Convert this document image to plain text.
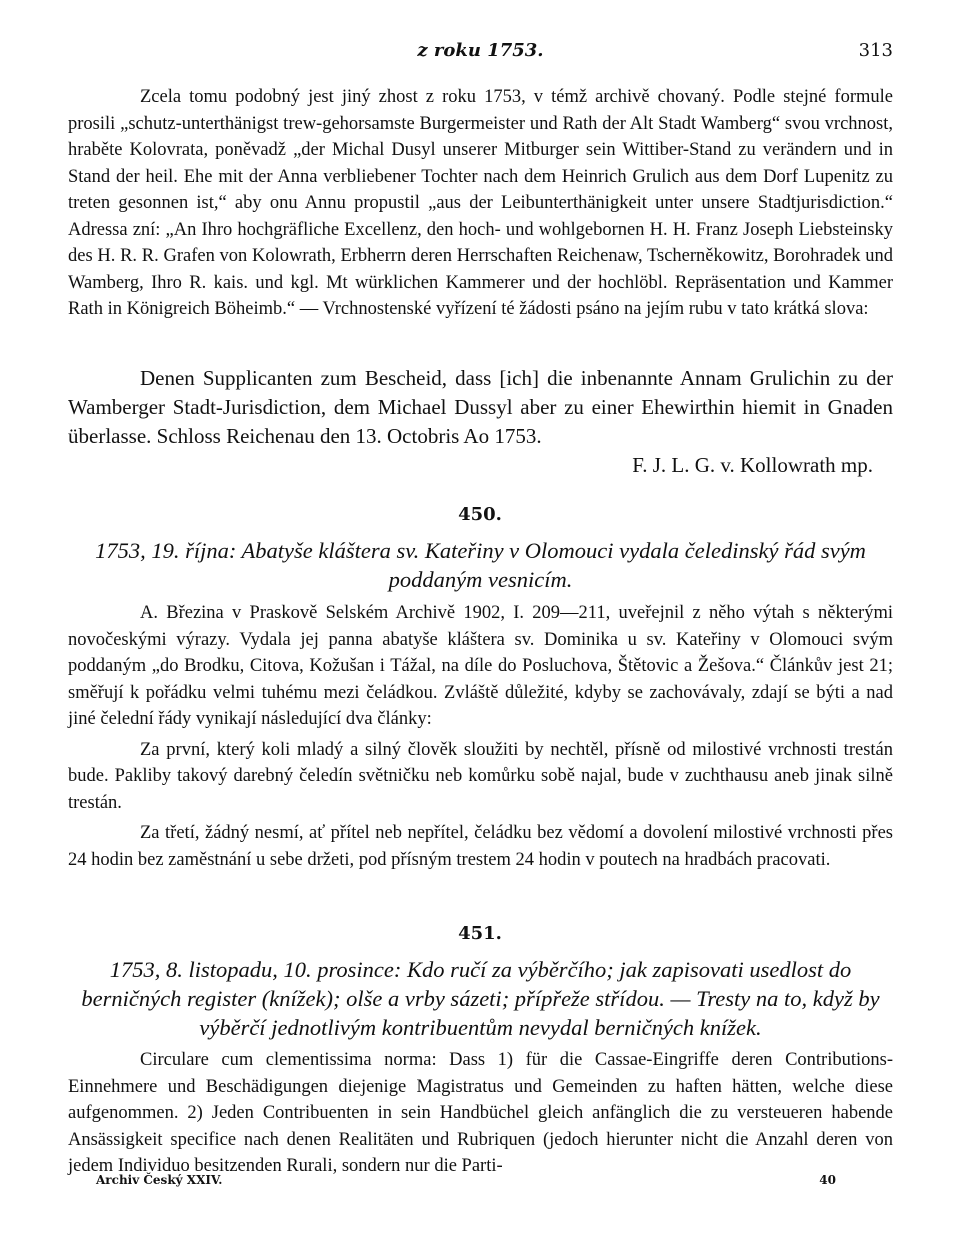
z roku 1753.	313

Zcela tomu podobný jest jiný zhost z roku 1753, v témž archivě chovaný. Podle stejné formule prosili „schutz-unterthänigst trew-gehorsamste Burgermeister und Rath der Alt Stadt Wamberg“ svou vrchnost, hraběte Kolovrata, poněvadž „der Michal Dusyl unserer Mitburger sein Wittiber-Stand zu verändern und in Stand der heil. Ehe mit der Anna verbliebener Tochter nach dem Heinrich Grulich aus dem Dorf Lupenitz zu treten gesonnen ist,“ aby onu Annu propustil „aus der Leibunterthänigkeit unter unsere Stadtjurisdiction.“ Adressa zní: „An Ihro hochgräfliche Excellenz, den hoch- und wohlgebornen H. H. Franz Joseph Liebsteinsky des H. R. R. Grafen von Kolowrath, Erbherrn deren Herrschaften Reichenaw, Tscherněkowitz, Borohradek und Wamberg, Ihro R. kais. und kgl. Mt würklichen Kammerer und der hochlöbl. Repräsentation und Kammer Rath in Königreich Böheimb.“ — Vrchnostenské vyřízení té žádosti psáno na jejím rubu v tato krátká slova:

Denen Supplicanten zum Bescheid, dass [ich] die inbenannte Annam Grulichin zu der Wamberger Stadt-Jurisdiction, dem Michael Dussyl aber zu einer Ehewirthin hiemit in Gnaden überlasse. Schloss Reichenau den 13. Octobris Ao 1753.

F. J. L. G. v. Kollowrath mp.

450.

1753, 19. října: Abatyše kláštera sv. Kateřiny v Olomouci vydala čeledinský řád svým poddaným vesnicím.

A. Březina v Praskově Selském Archivě 1902, I. 209—211, uveřejnil z něho výtah s některými novočeskými výrazy. Vydala jej panna abatyše kláštera sv. Dominika u sv. Kateřiny v Olomouci svým poddaným „do Brodku, Citova, Kožušan i Tážal, na díle do Posluchova, Štětovic a Žešova.“ Článkův jest 21; směřují k pořádku velmi tuhému mezi čeládkou. Zvláště důležité, kdyby se zachovávaly, zdají se býti a nad jiné čelední řády vynikají následující dva články:

Za první, který koli mladý a silný člověk sloužiti by nechtěl, přísně od milostivé vrchnosti trestán bude. Pakliby takový darebný čeledín světničku neb komůrku sobě najal, bude v zuchthausu aneb jinak silně trestán.

Za třetí, žádný nesmí, ať přítel neb nepřítel, čeládku bez vědomí a dovolení milostivé vrchnosti přes 24 hodin bez zaměstnání u sebe držeti, pod přísným trestem 24 hodin v poutech na hradbách pracovati.

451.

1753, 8. listopadu, 10. prosince: Kdo ručí za výběrčího; jak zapisovati usedlost do berničných register (knížek); olše a vrby sázeti; přípřeže střídou. — Tresty na to, když by výběrčí jednotlivým kontribuentům nevydal berničných knížek.

Circulare cum clementissima norma: Dass 1) für die Cassae-Eingriffe deren Contributions-Einnehmere und Beschädigungen diejenige Magistratus und Gemeinden zu haften hätten, welche diese aufgenommen. 2) Jeden Contribuenten in sein Handbüchel gleich anfänglich die zu versteueren habende Ansässigkeit specifice nach denen Realitäten und Rubriquen (jedoch hierunter nicht die Anzahl deren von jedem Individuo besitzenden Rurali, sondern nur die Parti-

Archiv Český XXIV.	40
